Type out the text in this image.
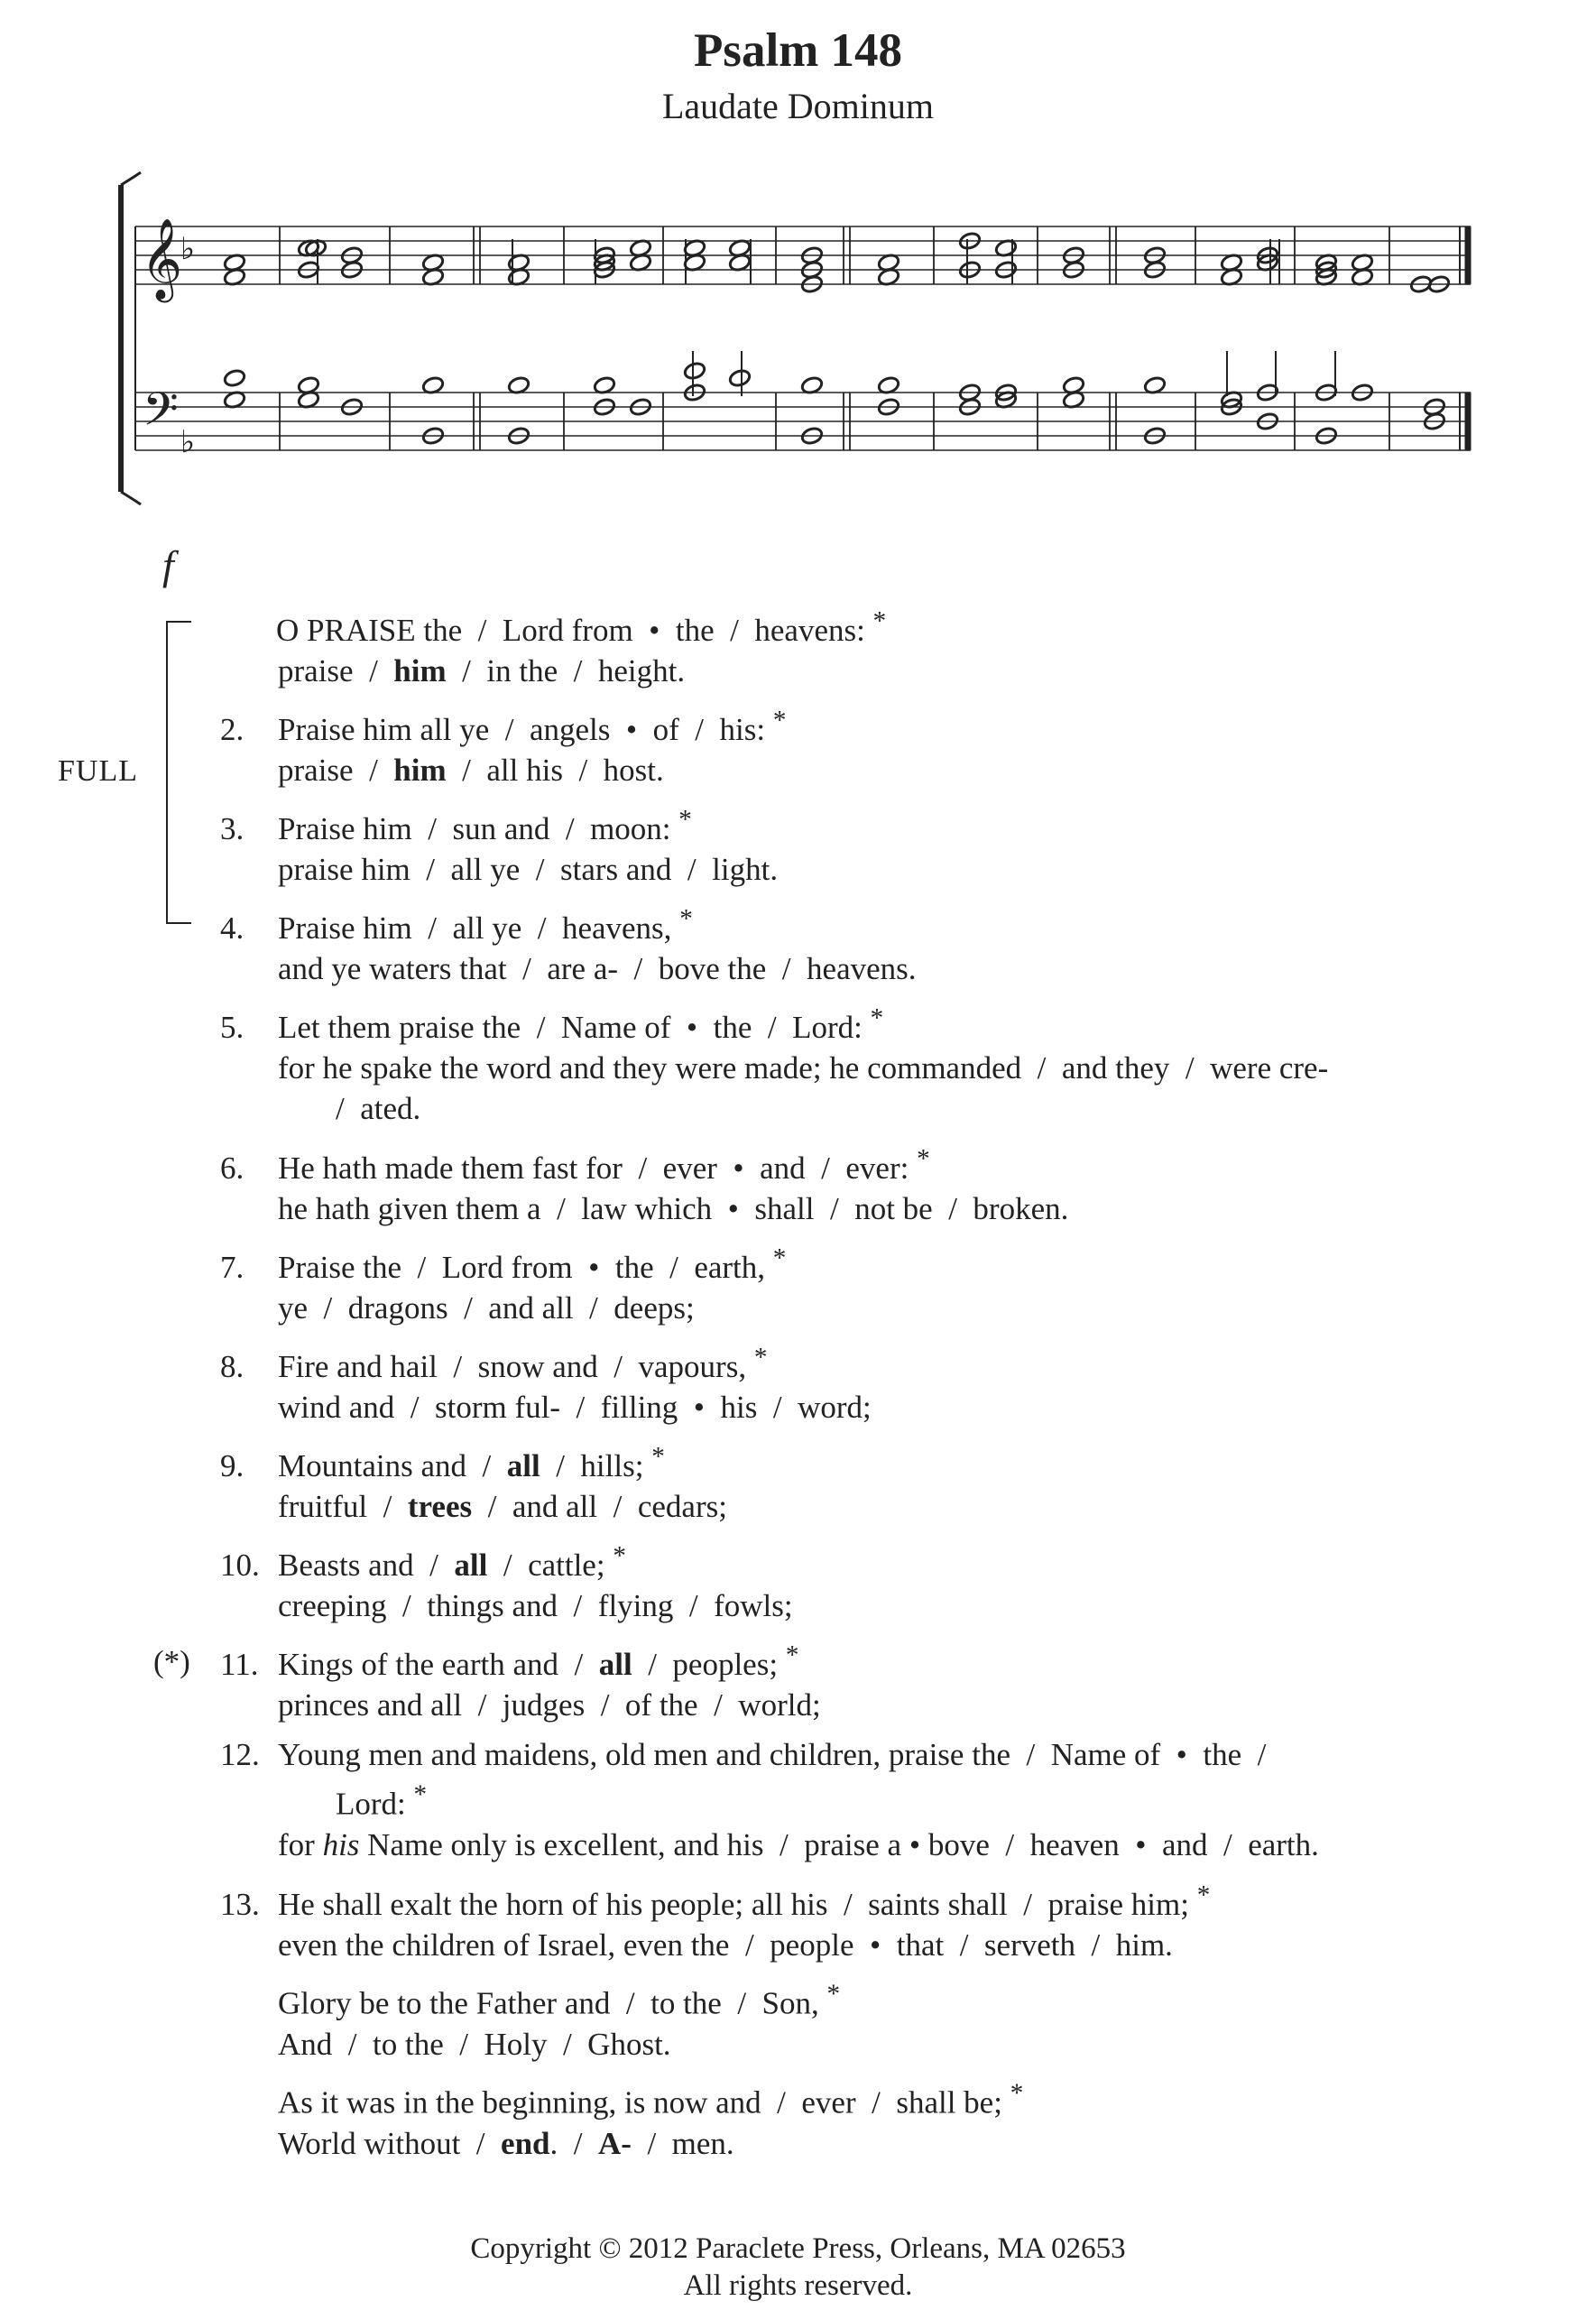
Psalm 148
Laudate Dominum
𝄞
♭
𝄢 ♭
f
FULL
(*)
O PRAISE the  /  Lord from  •  the  /  heavens: *
praise  /  him  /  in the  /  height.
2. Praise him all ye  /  angels  •  of  /  his: *
praise  /  him  /  all his  /  host.
3. Praise him  /  sun and  /  moon: *
praise him  /  all ye  /  stars and  /  light.
4. Praise him  /  all ye  /  heavens, *
and ye waters that  /  are a-  /  bove the  /  heavens.
5. Let them praise the  /  Name of  •  the  /  Lord: *
for he spake the word and they were made; he commanded  /  and they  /  were cre-
/  ated.
6. He hath made them fast for  /  ever  •  and  /  ever: *
he hath given them a  /  law which  •  shall  /  not be  /  broken.
7. Praise the  /  Lord from  •  the  /  earth, *
ye  /  dragons  /  and all  /  deeps;
8. Fire and hail  /  snow and  /  vapours, *
wind and  /  storm ful-  /  filling  •  his  /  word;
9. Mountains and  /  all  /  hills; *
fruitful  /  trees  /  and all  /  cedars;
10. Beasts and  /  all  /  cattle; *
creeping  /  things and  /  flying  /  fowls;
11. Kings of the earth and  /  all  /  peoples; *
princes and all  /  judges  /  of the  /  world;
12. Young men and maidens, old men and children, praise the  /  Name of  •  the  /
Lord: *
for his Name only is excellent, and his  /  praise a • bove  /  heaven  •  and  /  earth.
13. He shall exalt the horn of his people; all his  /  saints shall  /  praise him; *
even the children of Israel, even the  /  people  •  that  /  serveth  /  him.
Glory be to the Father and  /  to the  /  Son, *
And  /  to the  /  Holy  /  Ghost.
As it was in the beginning, is now and  /  ever  /  shall be; *
World without  /  end.  /  A-  /  men.
Copyright © 2012 Paraclete Press, Orleans, MA 02653
All rights reserved.
